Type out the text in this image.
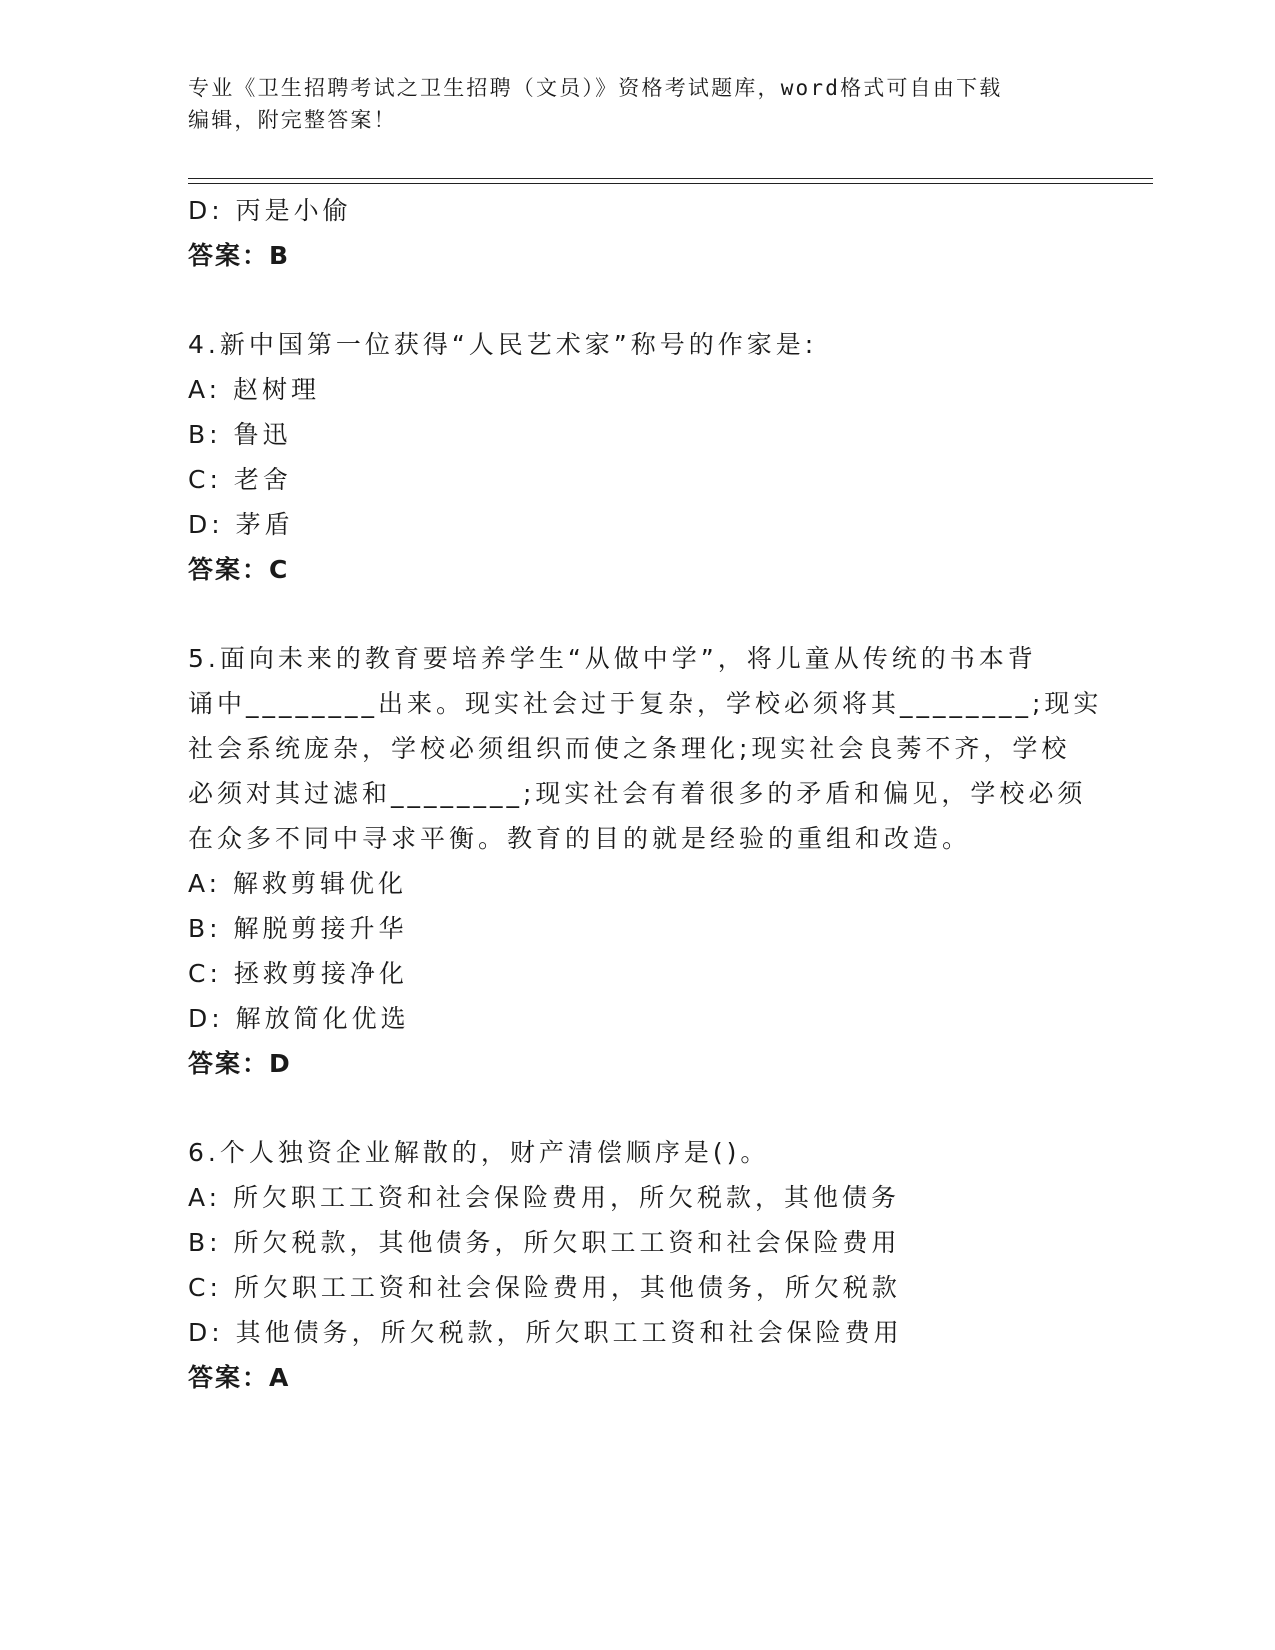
专业《卫生招聘考试之卫生招聘（文员）》资格考试题库，word格式可自由下载
编辑，附完整答案！
D: 丙是小偷
答案：B
4.新中国第一位获得“人民艺术家”称号的作家是:
A: 赵树理
B: 鲁迅
C: 老舍
D: 茅盾
答案：C
5.面向未来的教育要培养学生“从做中学”，将儿童从传统的书本背
诵中________出来。现实社会过于复杂，学校必须将其________;现实
社会系统庞杂，学校必须组织而使之条理化;现实社会良莠不齐，学校
必须对其过滤和________;现实社会有着很多的矛盾和偏见，学校必须
在众多不同中寻求平衡。教育的目的就是经验的重组和改造。
A: 解救剪辑优化
B: 解脱剪接升华
C: 拯救剪接净化
D: 解放简化优选
答案：D
6.个人独资企业解散的，财产清偿顺序是()。
A: 所欠职工工资和社会保险费用，所欠税款，其他债务
B: 所欠税款，其他债务，所欠职工工资和社会保险费用
C: 所欠职工工资和社会保险费用，其他债务，所欠税款
D: 其他债务，所欠税款，所欠职工工资和社会保险费用
答案：A
